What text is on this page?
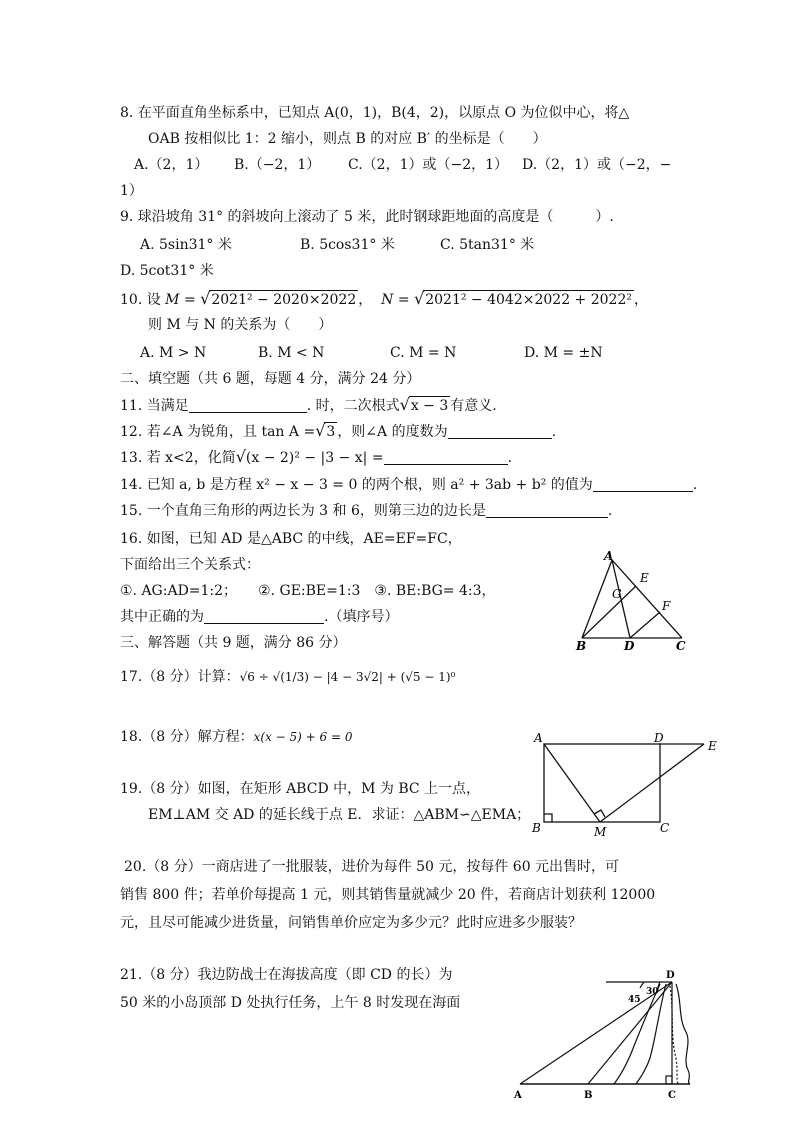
8. 在平面直角坐标系中，已知点 A(0，1)，B(4，2)，以原点 O 为位似中心，将△
OAB 按相似比 1：2 缩小，则点 B 的对应 B′ 的坐标是（　　）
A.（2，1） B.（−2，1） C.（2，1）或（−2，1） D.（2，1）或（−2，−
1）
9. 球沿坡角 31° 的斜坡向上滚动了 5 米，此时钢球距地面的高度是（　　　）.
A. 5sin31° 米	B. 5cos31° 米	C. 5tan31° 米
D. 5cot31° 米
10. 设 M = √2021² − 2020×2022 ，  N = √2021² − 4042×2022 + 2022² ，
则 M 与 N 的关系为（　　）
A. M > N	B. M < N	C. M = N	D. M = ±N
二、填空题（共 6 题，每题 4 分，满分 24 分）
11. 当满足	. 时，二次根式√x − 3 有意义.
12. 若∠A 为锐角，且 tan A =√3 ，则∠A 的度数为	.
13. 若 x<2，化简√(x − 2)² − |3 − x| =	.
14. 已知 a, b 是方程 x² − x − 3 = 0 的两个根，则 a² + 3ab + b² 的值为	.
15. 一个直角三角形的两边长为 3 和 6，则第三边的边长是	.
16. 如图，已知 AD 是△ABC 的中线，AE=EF=FC，
下面给出三个关系式：
①. AG:AD=1:2；　　②. GE:BE=1:3　③. BE:BG= 4:3，
其中正确的为	.（填序号）
A
B	C
D
E
F
G
三、解答题（共 9 题，满分 86 分）
17.（8 分）计算：√6 ÷ √(1/3) − |4 − 3√2| + (√5 − 1)⁰
18.（8 分）解方程：x(x − 5) + 6 = 0
19.（8 分）如图，在矩形 ABCD 中，M 为 BC 上一点，
EM⊥AM 交 AD 的延长线于点 E．求证：△ABM∽△EMA；
A	D
E
B	M	C
20.（8 分）一商店进了一批服装，进价为每件 50 元，按每件 60 元出售时，可
销售 800 件；若单价每提高 1 元，则其销售量就减少 20 件，若商店计划获利 12000
元，且尽可能减少进货量，问销售单价应定为多少元？此时应进多少服装？
21.（8 分）我边防战士在海拔高度（即 CD 的长）为
50 米的小岛顶部 D 处执行任务，上午 8 时发现在海面
D
45
30
A	B	C
